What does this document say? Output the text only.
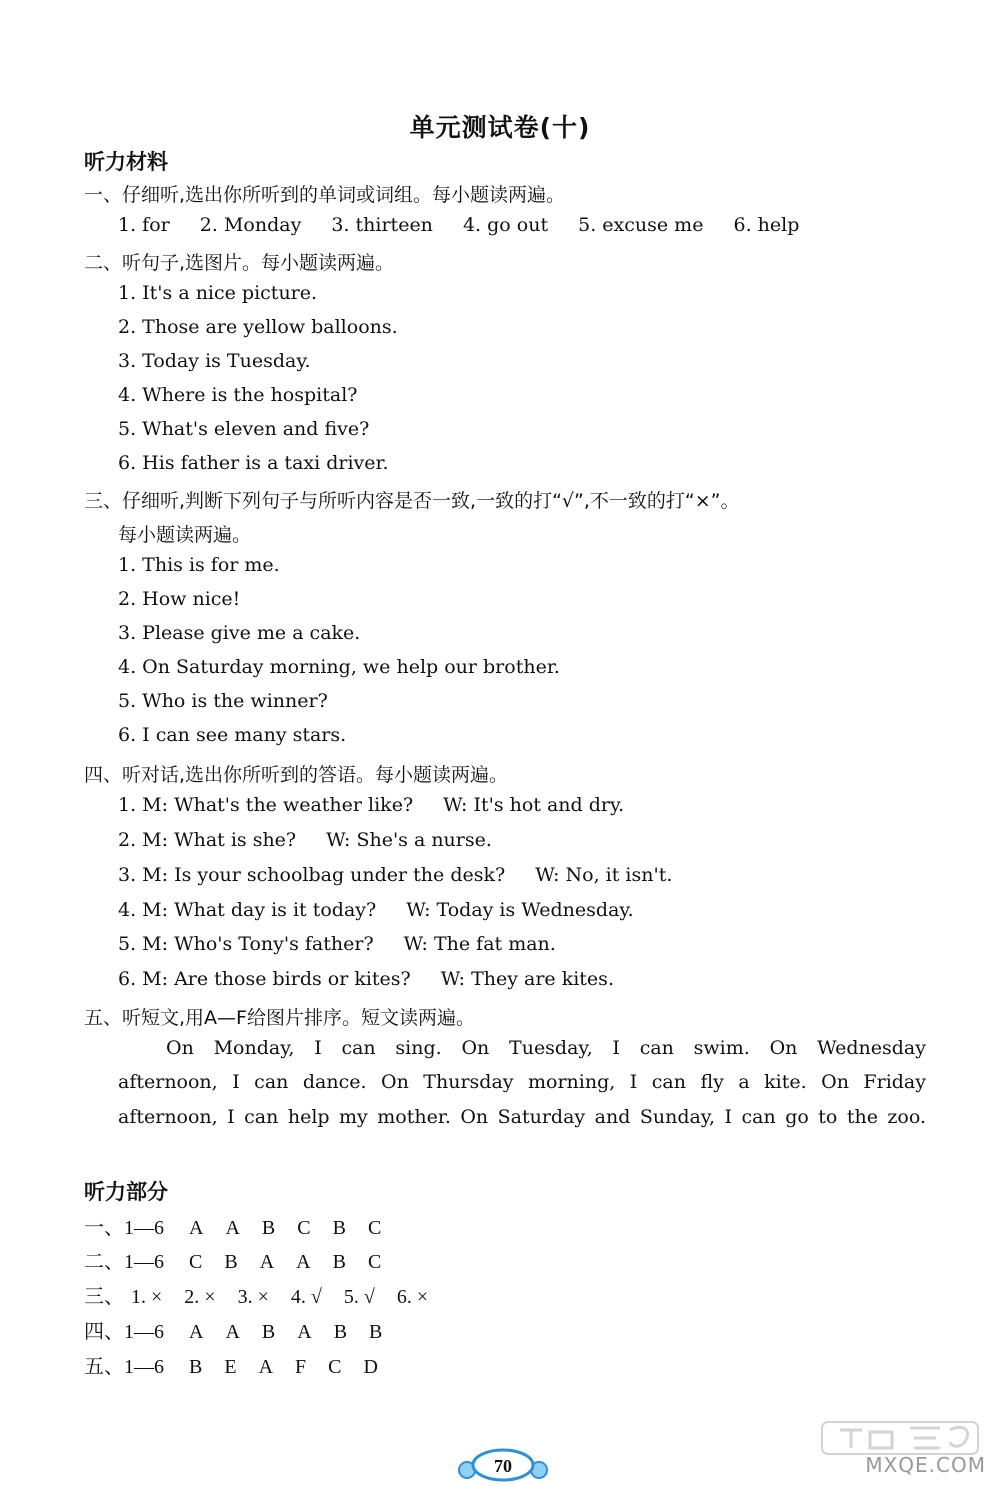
单元测试卷(十)
听力材料
一、仔细听,选出你所听到的单词或词组。每小题读两遍。
1. for 2. Monday 3. thirteen 4. go out 5. excuse me 6. help
二、听句子,选图片。每小题读两遍。
1. It's a nice picture.
2. Those are yellow balloons.
3. Today is Tuesday.
4. Where is the hospital?
5. What's eleven and five?
6. His father is a taxi driver.
三、仔细听,判断下列句子与所听内容是否一致,一致的打“√”,不一致的打“×”。
每小题读两遍。
1. This is for me.
2. How nice!
3. Please give me a cake.
4. On Saturday morning, we help our brother.
5. Who is the winner?
6. I can see many stars.
四、听对话,选出你所听到的答语。每小题读两遍。
1. M: What's the weather like? W: It's hot and dry.
2. M: What is she? W: She's a nurse.
3. M: Is your schoolbag under the desk? W: No, it isn't.
4. M: What day is it today? W: Today is Wednesday.
5. M: Who's Tony's father? W: The fat man.
6. M: Are those birds or kites? W: They are kites.
五、听短文,用A—F给图片排序。短文读两遍。
On Monday, I can sing. On Tuesday, I can swim. On Wednesday
afternoon, I can dance. On Thursday morning, I can fly a kite. On Friday
afternoon, I can help my mother. On Saturday and Sunday, I can go to the zoo.
听力部分
一、1—6 A A B C B C
二、1—6 C B A A B C
三、 1. × 2. × 3. × 4. √ 5. √ 6. ×
四、1—6 A A B A B B
五、1—6 B E A F C D
70	MXQE.COM
